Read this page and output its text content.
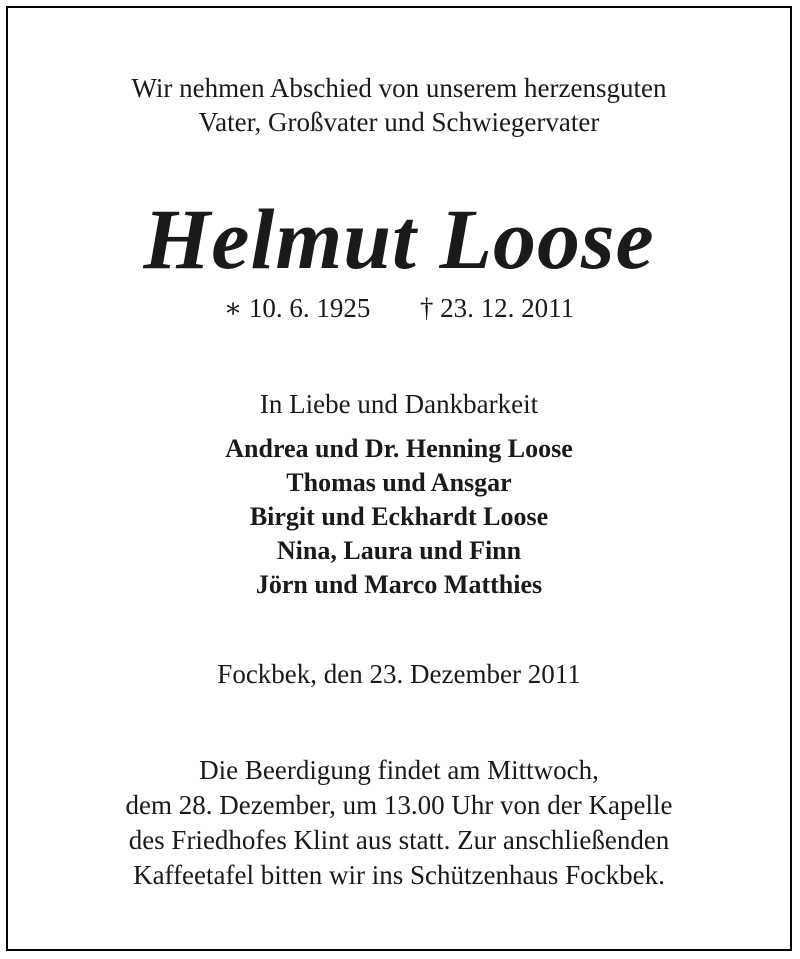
Wir nehmen Abschied von unserem herzensguten
Vater, Großvater und Schwiegervater
Helmut Loose
∗ 10. 6. 1925 † 23. 12. 2011
In Liebe und Dankbarkeit
Andrea und Dr. Henning Loose
Thomas und Ansgar
Birgit und Eckhardt Loose
Nina, Laura und Finn
Jörn und Marco Matthies
Fockbek, den 23. Dezember 2011
Die Beerdigung findet am Mittwoch,
dem 28. Dezember, um 13.00 Uhr von der Kapelle
des Friedhofes Klint aus statt. Zur anschließenden
Kaffeetafel bitten wir ins Schützenhaus Fockbek.
